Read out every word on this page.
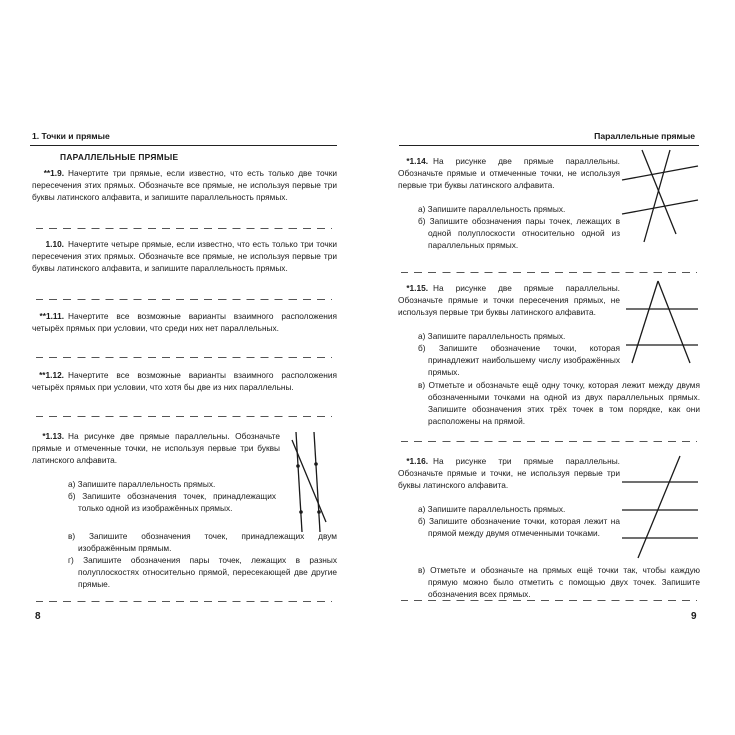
1. Точки и прямые
ПАРАЛЛЕЛЬНЫЕ ПРЯМЫЕ
**1.9. Начертите три прямые, если известно, что есть только две точки пересечения этих прямых. Обозначьте все прямые, не используя первые три буквы латинского алфавита, и запишите параллельность прямых.
1.10. Начертите четыре прямые, если известно, что есть только три точки пересечения этих прямых. Обозначьте все прямые, не используя первые три буквы латинского алфавита, и запишите параллельность прямых.
**1.11. Начертите все возможные варианты взаимного расположения четырёх прямых при условии, что среди них нет параллельных.
**1.12. Начертите все возможные варианты взаимного расположения четырёх прямых при условии, что хотя бы две из них параллельны.
*1.13. На рисунке две прямые параллельны. Обозначьте прямые и отмеченные точки, не используя первые три буквы латинского алфавита.
а) Запишите параллельность прямых.
б) Запишите обозначения точек, принадлежащих только одной из изображённых прямых.
в) Запишите обозначения точек, принадлежащих двум изображённым прямым.
г) Запишите обозначения пары точек, лежащих в разных полуплоскостях относительно прямой, пересекающей две другие прямые.
8
Параллельные прямые
*1.14. На рисунке две прямые параллельны. Обозначьте прямые и отмеченные точки, не используя первые три буквы латинского алфавита.
а) Запишите параллельность прямых.
б) Запишите обозначения пары точек, лежащих в одной полуплоскости относительно одной из параллельных прямых.
*1.15. На рисунке две прямые параллельны. Обозначьте прямые и точки пересечения прямых, не используя первые три буквы латинского алфавита.
а) Запишите параллельность прямых.
б) Запишите обозначение точки, которая принадлежит наибольшему числу изображённых прямых.
в) Отметьте и обозначьте ещё одну точку, которая лежит между двумя обозначенными точками на одной из двух параллельных прямых. Запишите обозначения этих трёх точек в том порядке, как они расположены на прямой.
*1.16. На рисунке три прямые параллельны. Обозначьте прямые и точки, не используя первые три буквы латинского алфавита.
а) Запишите параллельность прямых.
б) Запишите обозначение точки, которая лежит на прямой между двумя отмеченными точками.
в) Отметьте и обозначьте на прямых ещё точки так, чтобы каждую прямую можно было отметить с помощью двух точек. Запишите обозначения всех прямых.
9
